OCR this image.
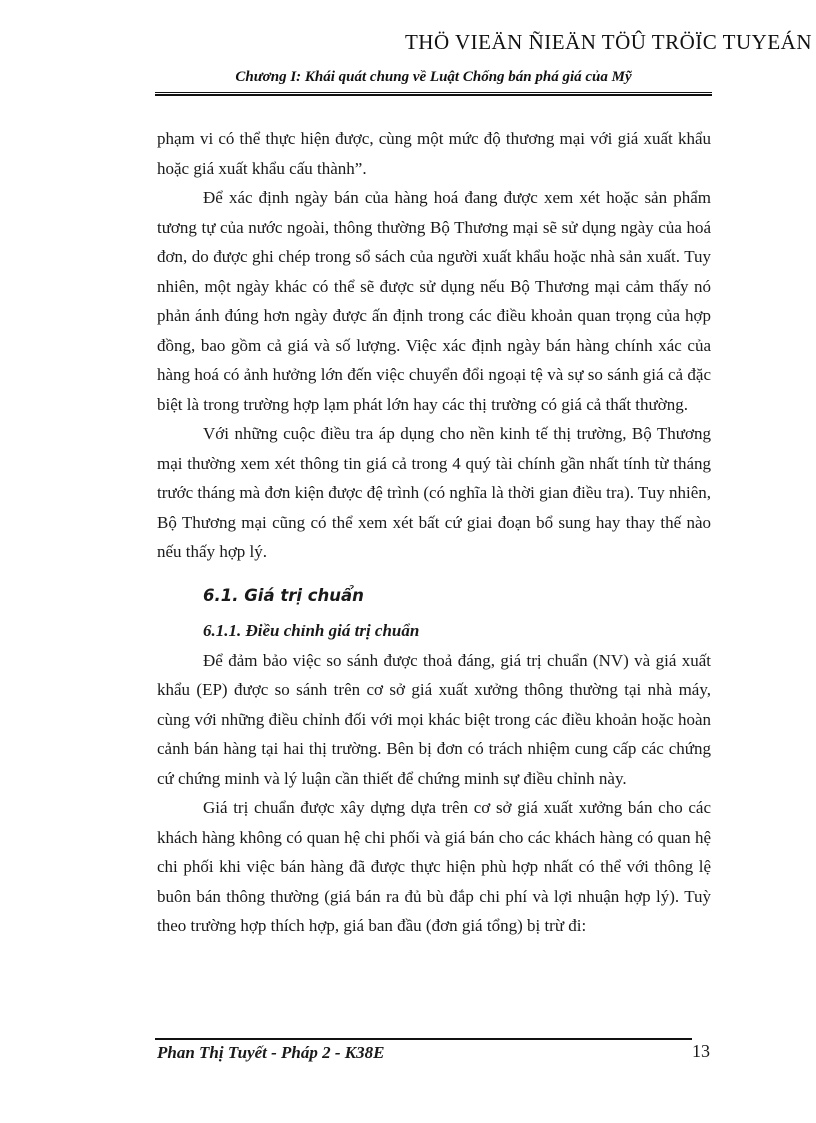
THÖ VIEÄN ÑIEÄN TÖÛ TRÖÏC TUYEÁN
Chương I: Khái quát chung về Luật Chống bán phá giá của Mỹ

phạm vi có thể thực hiện được, cùng một mức độ thương mại với giá xuất khẩu hoặc giá xuất khẩu cấu thành”.

Để xác định ngày bán của hàng hoá đang được xem xét hoặc sản phẩm tương tự của nước ngoài, thông thường Bộ Thương mại sẽ sử dụng ngày của hoá đơn, do được ghi chép trong sổ sách của người xuất khẩu hoặc nhà sản xuất. Tuy nhiên, một ngày khác có thể sẽ được sử dụng nếu Bộ Thương mại cảm thấy nó phản ánh đúng hơn ngày được ấn định trong các điều khoản quan trọng của hợp đồng, bao gồm cả giá và số lượng. Việc xác định ngày bán hàng chính xác của hàng hoá có ảnh hưởng lớn đến việc chuyển đổi ngoại tệ và sự so sánh giá cả đặc biệt là trong trường hợp lạm phát lớn hay các thị trường có giá cả thất thường.

Với những cuộc điều tra áp dụng cho nền kinh tế thị trường, Bộ Thương mại thường xem xét thông tin giá cả trong 4 quý tài chính gần nhất tính từ tháng trước tháng mà đơn kiện được đệ trình (có nghĩa là thời gian điều tra). Tuy nhiên, Bộ Thương mại cũng có thể xem xét bất cứ giai đoạn bổ sung hay thay thế nào nếu thấy hợp lý.

6.1. Giá trị chuẩn

6.1.1. Điều chỉnh giá trị chuẩn

Để đảm bảo việc so sánh được thoả đáng, giá trị chuẩn (NV) và giá xuất khẩu (EP) được so sánh trên cơ sở giá xuất xưởng thông thường tại nhà máy, cùng với những điều chỉnh đối với mọi khác biệt trong các điều khoản hoặc hoàn cảnh bán hàng tại hai thị trường. Bên bị đơn có trách nhiệm cung cấp các chứng cứ chứng minh và lý luận cần thiết để chứng minh sự điều chỉnh này.

Giá trị chuẩn được xây dựng dựa trên cơ sở giá xuất xưởng bán cho các khách hàng không có quan hệ chi phối và giá bán cho các khách hàng có quan hệ chi phối khi việc bán hàng đã được thực hiện phù hợp nhất có thể với thông lệ buôn bán thông thường (giá bán ra đủ bù đắp chi phí và lợi nhuận hợp lý). Tuỳ theo trường hợp thích hợp, giá ban đầu (đơn giá tổng) bị trừ đi:

Phan Thị Tuyết - Pháp 2 - K38E	13
